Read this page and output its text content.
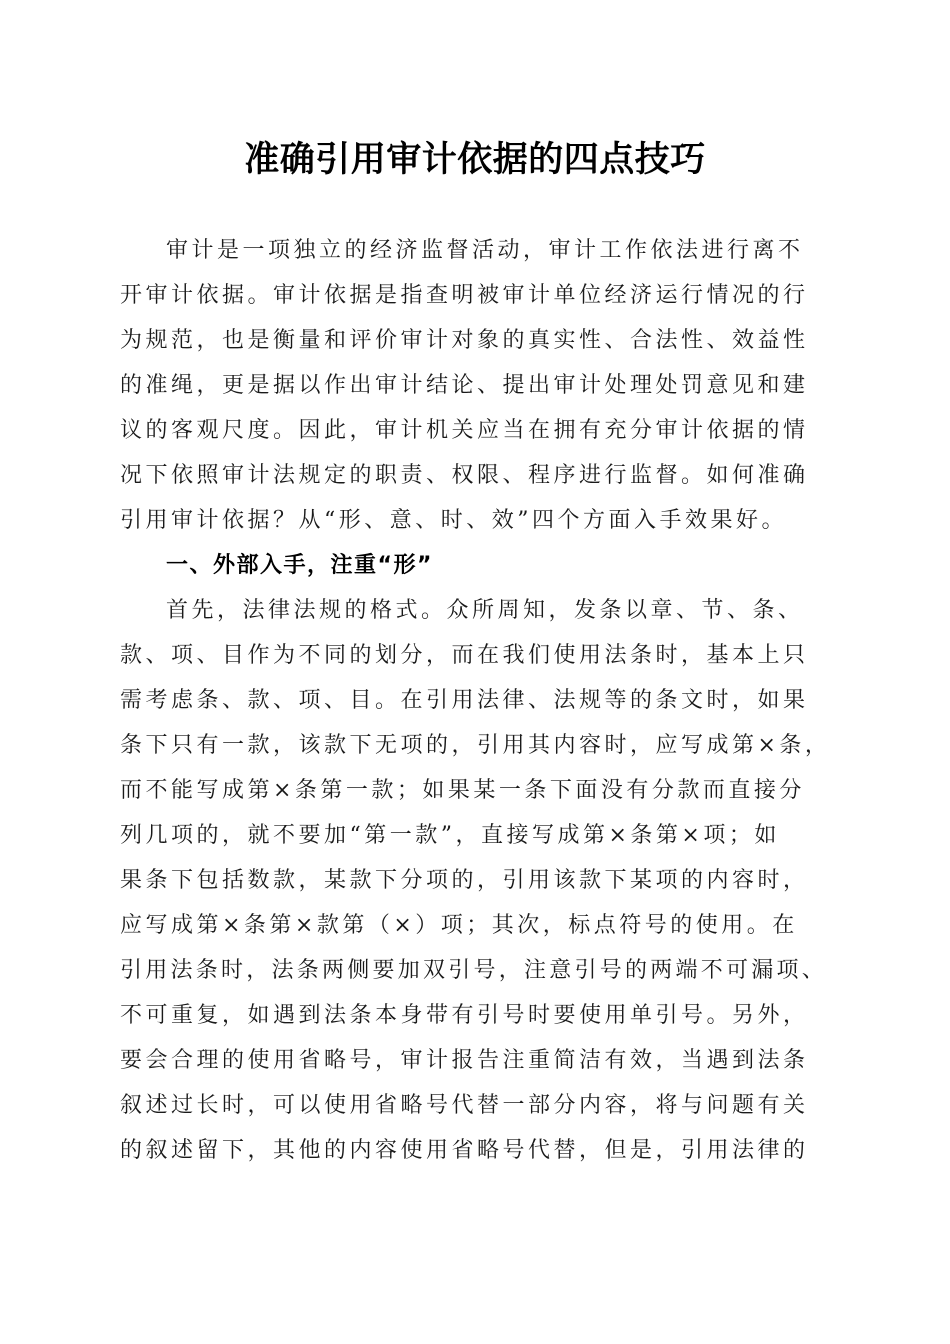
准确引用审计依据的四点技巧
审计是一项独立的经济监督活动，审计工作依法进行离不
开审计依据。审计依据是指查明被审计单位经济运行情况的行
为规范，也是衡量和评价审计对象的真实性、合法性、效益性
的准绳，更是据以作出审计结论、提出审计处理处罚意见和建
议的客观尺度。因此，审计机关应当在拥有充分审计依据的情
况下依照审计法规定的职责、权限、程序进行监督。如何准确
引用审计依据？从“形、意、时、效”四个方面入手效果好。
一、外部入手，注重“形”
首先，法律法规的格式。众所周知，发条以章、节、条、
款、项、目作为不同的划分，而在我们使用法条时，基本上只
需考虑条、款、项、目。在引用法律、法规等的条文时，如果
条下只有一款，该款下无项的，引用其内容时，应写成第×条，
而不能写成第×条第一款；如果某一条下面没有分款而直接分
列几项的，就不要加“第一款”，直接写成第×条第×项；如
果条下包括数款，某款下分项的，引用该款下某项的内容时，
应写成第×条第×款第（×）项；其次，标点符号的使用。在
引用法条时，法条两侧要加双引号，注意引号的两端不可漏项、
不可重复，如遇到法条本身带有引号时要使用单引号。另外，
要会合理的使用省略号，审计报告注重简洁有效，当遇到法条
叙述过长时，可以使用省略号代替一部分内容，将与问题有关
的叙述留下，其他的内容使用省略号代替，但是，引用法律的
